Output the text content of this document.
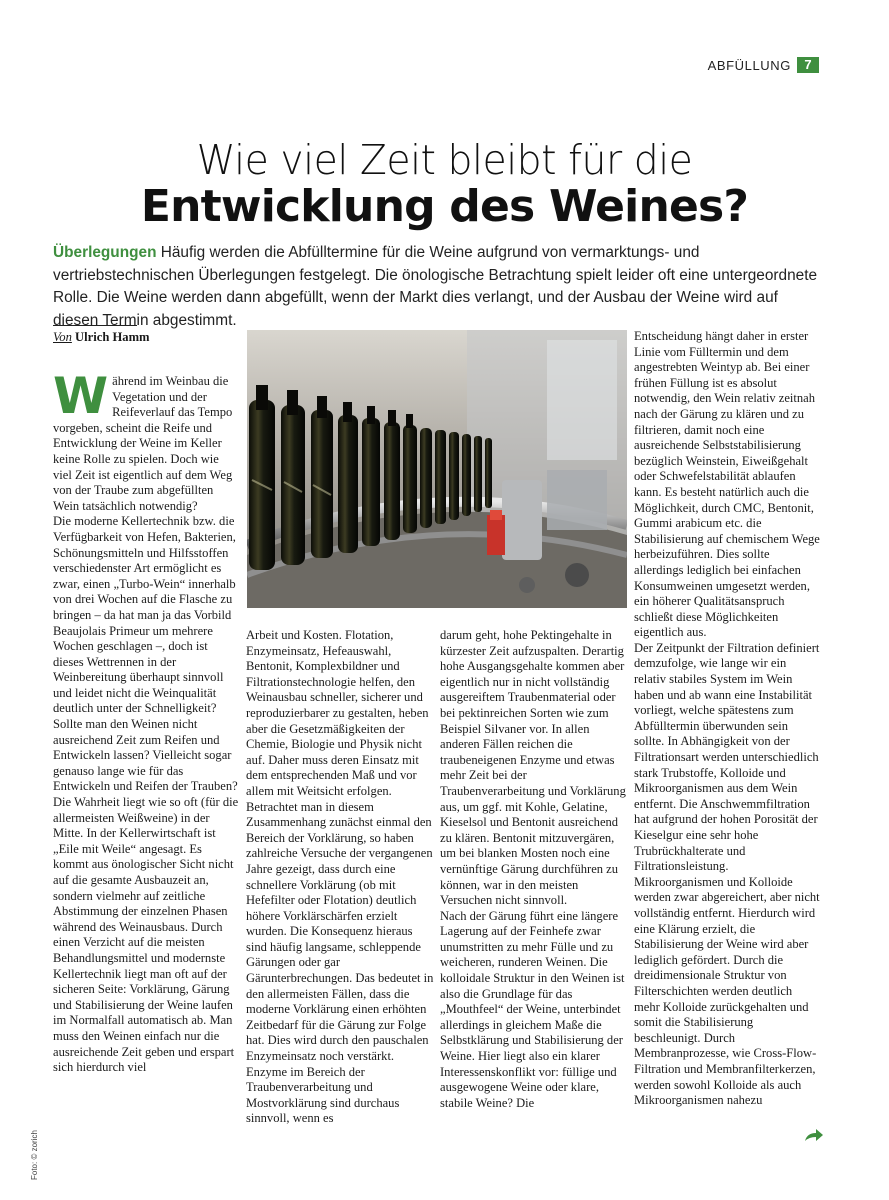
ABFÜLLUNG	7
Wie viel Zeit bleibt für die
Entwicklung des Weines?
Überlegungen Häufig werden die Abfülltermine für die Weine aufgrund von vermarktungs- und vertriebstechnischen Überlegungen festgelegt. Die önologische Betrachtung spielt leider oft eine untergeordnete Rolle. Die Weine werden dann abgefüllt, wenn der Markt dies verlangt, und der Ausbau der Weine wird auf diesen Termin abgestimmt.
Von Ulrich Hamm

Während im Weinbau die Vegetation und der Reifeverlauf das Tempo vorgeben, scheint die Reife und Entwicklung der Weine im Keller keine Rolle zu spielen. Doch wie viel Zeit ist eigentlich auf dem Weg von der Traube zum abgefüllten Wein tatsächlich notwendig?

Die moderne Kellertechnik bzw. die Verfügbarkeit von Hefen, Bakterien, Schönungsmitteln und Hilfsstoffen verschiedenster Art ermöglicht es zwar, einen „Turbo-Wein“ innerhalb von drei Wochen auf die Flasche zu bringen – da hat man ja das Vorbild Beaujolais Primeur um mehrere Wochen geschlagen –, doch ist dieses Wettrennen in der Weinbereitung überhaupt sinnvoll und leidet nicht die Weinqualität deutlich unter der Schnelligkeit? Sollte man den Weinen nicht ausreichend Zeit zum Reifen und Entwickeln lassen? Vielleicht sogar genauso lange wie für das Entwickeln und Reifen der Trauben? Die Wahrheit liegt wie so oft (für die allermeisten Weißweine) in der Mitte. In der Kellerwirtschaft ist „Eile mit Weile“ angesagt. Es kommt aus önologischer Sicht nicht auf die gesamte Ausbauzeit an, sondern vielmehr auf zeitliche Abstimmung der einzelnen Phasen während des Weinausbaus. Durch einen Verzicht auf die meisten Behandlungsmittel und modernste Kellertechnik liegt man oft auf der sicheren Seite: Vorklärung, Gärung und Stabilisierung der Weine laufen im Normalfall automatisch ab. Man muss den Weinen einfach nur die ausreichende Zeit geben und erspart sich hierdurch viel

Arbeit und Kosten. Flotation, Enzymeinsatz, Hefeauswahl, Bentonit, Komplexbildner und Filtrationstechnologie helfen, den Weinausbau schneller, sicherer und reproduzierbarer zu gestalten, heben aber die Gesetzmäßigkeiten der Chemie, Biologie und Physik nicht auf. Daher muss deren Einsatz mit dem entsprechenden Maß und vor allem mit Weitsicht erfolgen.

Betrachtet man in diesem Zusammenhang zunächst einmal den Bereich der Vorklärung, so haben zahlreiche Versuche der vergangenen Jahre gezeigt, dass durch eine schnellere Vorklärung (ob mit Hefefilter oder Flotation) deutlich höhere Vorklärschärfen erzielt wurden. Die Konsequenz hieraus sind häufig langsame, schleppende Gärungen oder gar Gärunterbrechungen. Das bedeutet in den allermeisten Fällen, dass die moderne Vorklärung einen erhöhten Zeitbedarf für die Gärung zur Folge hat. Dies wird durch den pauschalen Enzymeinsatz noch verstärkt. Enzyme im Bereich der Traubenverarbeitung und Mostvorklärung sind durchaus sinnvoll, wenn es

darum geht, hohe Pektingehalte in kürzester Zeit aufzuspalten. Derartig hohe Ausgangsgehalte kommen aber eigentlich nur in nicht vollständig ausgereiftem Traubenmaterial oder bei pektinreichen Sorten wie zum Beispiel Silvaner vor. In allen anderen Fällen reichen die traubeneigenen Enzyme und etwas mehr Zeit bei der Traubenverarbeitung und Vorklärung aus, um ggf. mit Kohle, Gelatine, Kieselsol und Bentonit ausreichend zu klären. Bentonit mitzuvergären, um bei blanken Mosten noch eine vernünftige Gärung durchführen zu können, war in den meisten Versuchen nicht sinnvoll.

Nach der Gärung führt eine längere Lagerung auf der Feinhefe zwar unumstritten zu mehr Fülle und zu weicheren, runderen Weinen. Die kolloidale Struktur in den Weinen ist also die Grundlage für das „Mouthfeel“ der Weine, unterbindet allerdings in gleichem Maße die Selbstklärung und Stabilisierung der Weine. Hier liegt also ein klarer Interessenskonflikt vor: füllige und ausgewogene Weine oder klare, stabile Weine? Die

Entscheidung hängt daher in erster Linie vom Fülltermin und dem angestrebten Weintyp ab. Bei einer frühen Füllung ist es absolut notwendig, den Wein relativ zeitnah nach der Gärung zu klären und zu filtrieren, damit noch eine ausreichende Selbststabilisierung bezüglich Weinstein, Eiweißgehalt oder Schwefelstabilität ablaufen kann. Es besteht natürlich auch die Möglichkeit, durch CMC, Bentonit, Gummi arabicum etc. die Stabilisierung auf chemischem Wege herbeizuführen. Dies sollte allerdings lediglich bei einfachen Konsumweinen umgesetzt werden, ein höherer Qualitätsanspruch schließt diese Möglichkeiten eigentlich aus.

Der Zeitpunkt der Filtration definiert demzufolge, wie lange wir ein relativ stabiles System im Wein haben und ab wann eine Instabilität vorliegt, welche spätestens zum Abfülltermin überwunden sein sollte. In Abhängigkeit von der Filtrationsart werden unterschiedlich stark Trubstoffe, Kolloide und Mikroorganismen aus dem Wein entfernt. Die Anschwemmfiltration hat aufgrund der hohen Porosität der Kieselgur eine sehr hohe Trubrückhalterate und Filtrationsleistung. Mikroorganismen und Kolloide werden zwar abgereichert, aber nicht vollständig entfernt. Hierdurch wird eine Klärung erzielt, die Stabilisierung der Weine wird aber lediglich gefördert. Durch die dreidimensionale Struktur von Filterschichten werden deutlich mehr Kolloide zurückgehalten und somit die Stabilisierung beschleunigt. Durch Membranprozesse, wie Cross-Flow-Filtration und Membranfilterkerzen, werden sowohl Kolloide als auch Mikroorganismen nahezu

Foto: © zorich
